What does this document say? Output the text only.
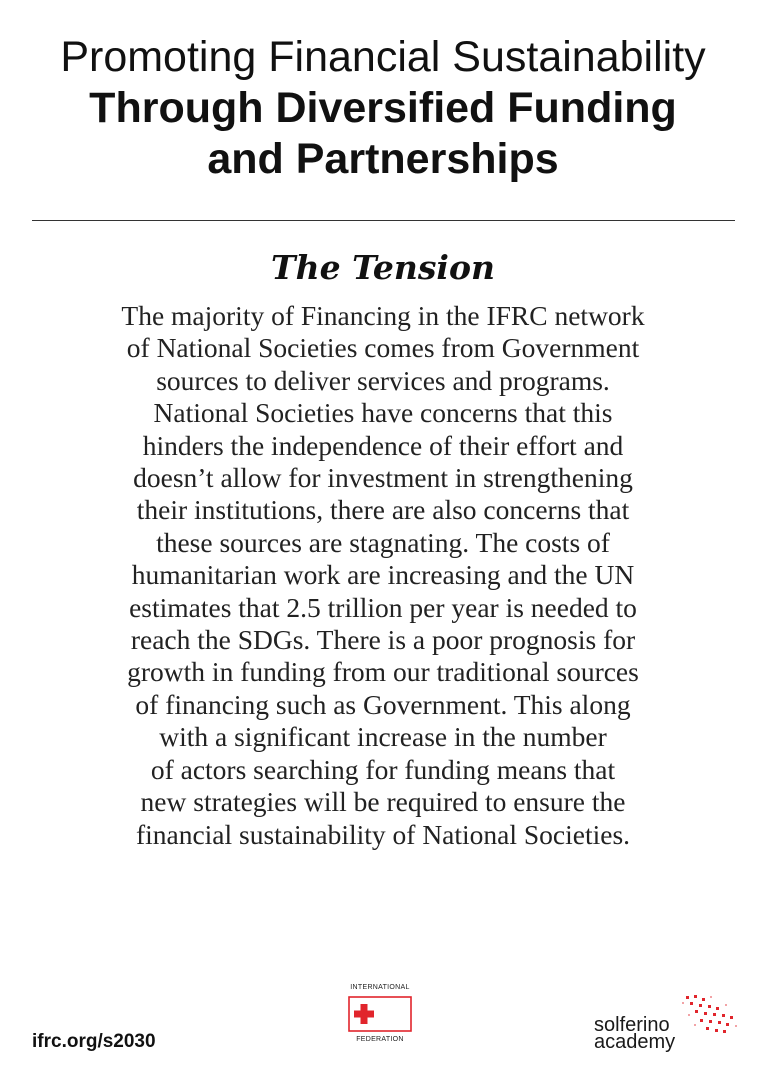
Promoting Financial Sustainability
Through Diversified Funding
and Partnerships
The Tension

The majority of Financing in the IFRC network
of National Societies comes from Government
sources to deliver services and programs.
National Societies have concerns that this
hinders the independence of their effort and
doesn’t allow for investment in strengthening
their institutions, there are also concerns that
these sources are stagnating. The costs of
humanitarian work are increasing and the UN
estimates that 2.5 trillion per year is needed to
reach the SDGs. There is a poor prognosis for
growth in funding from our traditional sources
of financing such as Government. This along
with a significant increase in the number
of actors searching for funding means that
new strategies will be required to ensure the
financial sustainability of National Societies.

ifrc.org/s2030
INTERNATIONAL
FEDERATION
solferino
academy
